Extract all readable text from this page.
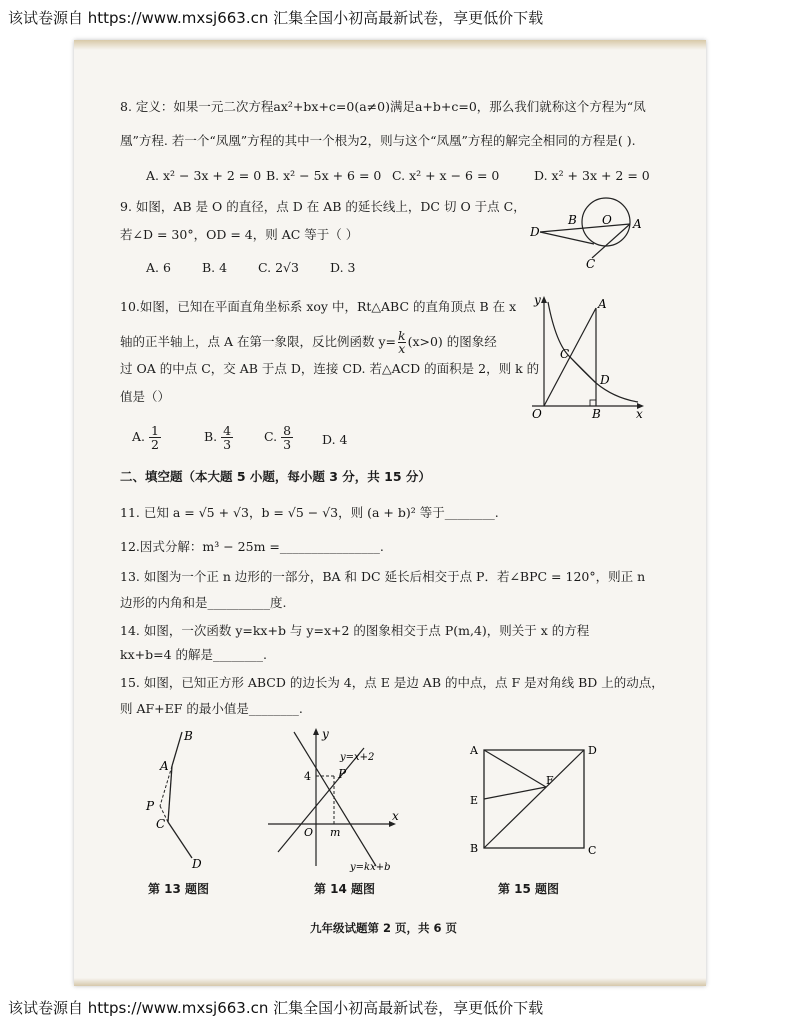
该试卷源自 https://www.mxsj663.cn 汇集全国小初高最新试卷，享更低价下载
8. 定义：如果一元二次方程ax²+bx+c=0(a≠0)满足a+b+c=0，那么我们就称这个方程为“凤
凰”方程. 若一个“凤凰”方程的其中一个根为2，则与这个“凤凰”方程的解完全相同的方程是( ).
A. x² − 3x + 2 = 0 B. x² − 5x + 6 = 0 C. x² + x − 6 = 0	D. x² + 3x + 2 = 0
9. 如图，AB 是 O 的直径，点 D 在 AB 的延长线上，DC 切 O 于点 C，
若∠D = 30°，OD = 4，则 AC 等于（ ）
A. 6 B. 4 C. 2√3 D. 3
B O A
D
C
10.如图，已知在平面直角坐标系 xoy 中，Rt△ABC 的直角顶点 B 在 x
轴的正半轴上，点 A 在第一象限，反比例函数 $y= \frac{k}{x} (x>0)$ 的图象经
过 OA 的中点 C，交 AB 于点 D，连接 CD. 若△ACD 的面积是 2，则 k 的
值是（）
A. $\frac{1}{2}$	B. $\frac{4}{3} C$. $\frac{8}{3} D$. 4
y	A
C
D
O	B	x
二、填空题（本大题 5 小题，每小题 3 分，共 15 分）
11. 已知 a = √5 + √3，b = √5 − √3，则 (a + b)² 等于________.
12.因式分解：m³ − 25m =________________.
13. 如图为一个正 n 边形的一部分，BA 和 DC 延长后相交于点 P．若∠BPC = 120°，则正 n
边形的内角和是__________度.
14. 如图，一次函数 y=kx+b 与 y=x+2 的图象相交于点 P(m,4)，则关于 x 的方程
kx+b=4 的解是________.
15. 如图，已知正方形 ABCD 的边长为 4，点 E 是边 AB 的中点，点 F 是对角线 BD 上的动点，
则 AF+EF 的最小值是________.
B
A
P
C
D
第 13 题图
y
y=x+2
4 P
O m
x
y=kx+b
第 14 题图
A	D
F
E
B	C
第 15 题图
九年级试题第 2 页，共 6 页
该试卷源自 https://www.mxsj663.cn 汇集全国小初高最新试卷，享更低价下载
